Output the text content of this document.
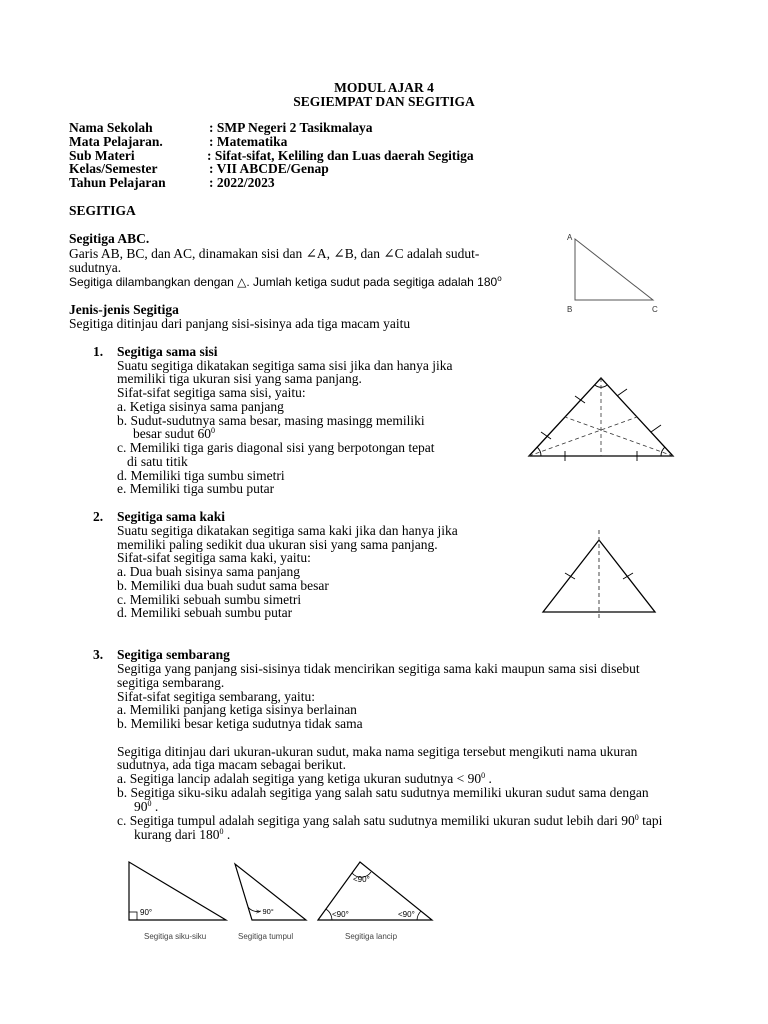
MODUL AJAR 4
SEGIEMPAT DAN SEGITIGA
Nama Sekolah	: SMP Negeri 2 Tasikmalaya
Mata Pelajaran.	: Matematika
Sub Materi	: Sifat-sifat, Keliling dan Luas daerah Segitiga
Kelas/Semester	: VII ABCDE/Genap
Tahun Pelajaran	: 2022/2023
SEGITIGA
Segitiga ABC.
Garis AB, BC, dan AC, dinamakan sisi dan ∠A, ∠B, dan ∠C adalah sudut-
sudutnya.
Segitiga dilambangkan dengan △. Jumlah ketiga sudut pada segitiga adalah 180$^o$
A
B	C
Jenis-jenis Segitiga
Segitiga ditinjau dari panjang sisi-sisinya ada tiga macam yaitu
1. Segitiga sama sisi
Suatu segitiga dikatakan segitiga sama sisi jika dan hanya jika
memiliki tiga ukuran sisi yang sama panjang.
Sifat-sifat segitiga sama sisi, yaitu:
a. Ketiga sisinya sama panjang
b. Sudut-sudutnya sama besar, masing masingg memiliki
besar sudut $60^0$
c. Memiliki tiga garis diagonal sisi yang berpotongan tepat
di satu titik
d. Memiliki tiga sumbu simetri
e. Memiliki tiga sumbu putar
2. Segitiga sama kaki
Suatu segitiga dikatakan segitiga sama kaki jika dan hanya jika
memiliki paling sedikit dua ukuran sisi yang sama panjang.
Sifat-sifat segitiga sama kaki, yaitu:
a. Dua buah sisinya sama panjang
b. Memiliki dua buah sudut sama besar
c. Memiliki sebuah sumbu simetri
d. Memiliki sebuah sumbu putar
3. Segitiga sembarang
Segitiga yang panjang sisi-sisinya tidak mencirikan segitiga sama kaki maupun sama sisi disebut
segitiga sembarang.
Sifat-sifat segitiga sembarang, yaitu:
a. Memiliki panjang ketiga sisinya berlainan
b. Memiliki besar ketiga sudutnya tidak sama
Segitiga ditinjau dari ukuran-ukuran sudut, maka nama segitiga tersebut mengikuti nama ukuran
sudutnya, ada tiga macam sebagai berikut.
a. Segitiga lancip adalah segitiga yang ketiga ukuran sudutnya < $90^0$ .
b. Segitiga siku-siku adalah segitiga yang salah satu sudutnya memiliki ukuran sudut sama dengan
$90^0$ .
c. Segitiga tumpul adalah segitiga yang salah satu sudutnya memiliki ukuran sudut lebih dari $90^0$ tapi
kurang dari $180^0$ .
90°
Segitiga siku-siku
> 90°
Segitiga tumpul
<90°
<90°	<90°
Segitiga lancip
